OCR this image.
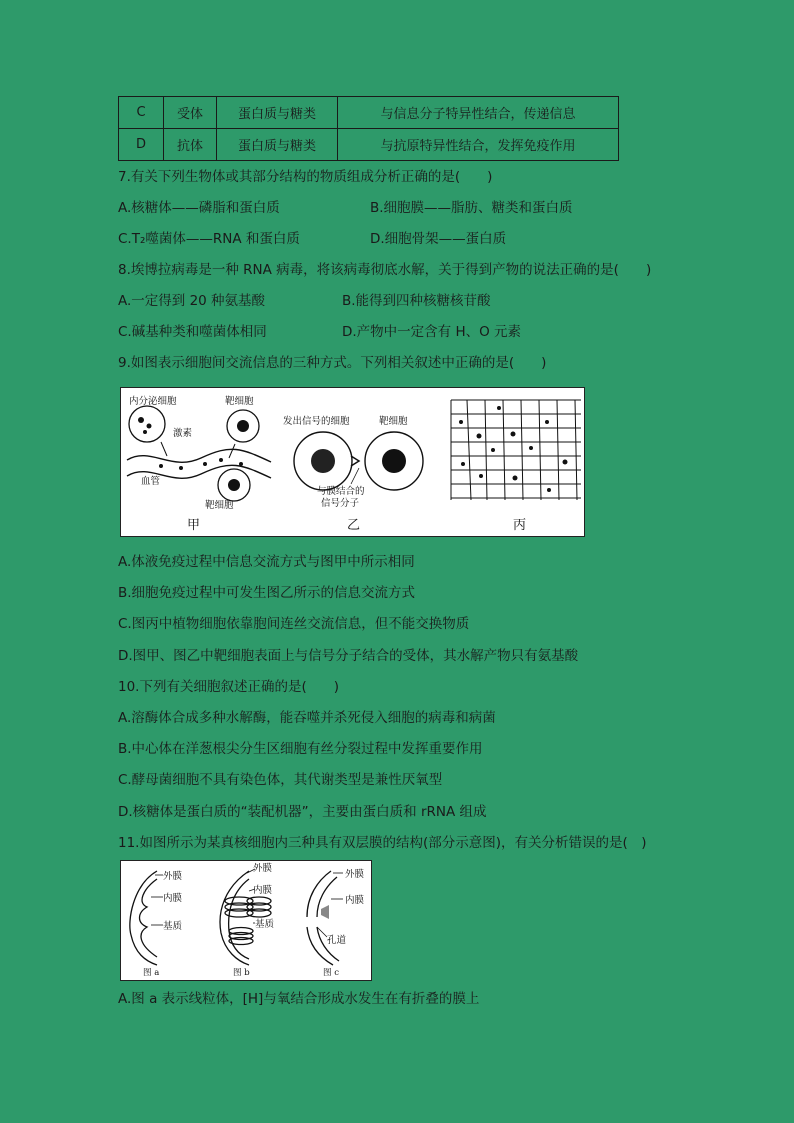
C	受体	蛋白质与糖类	与信息分子特异性结合，传递信息
D	抗体	蛋白质与糖类	与抗原特异性结合，发挥免疫作用
7.有关下列生物体或其部分结构的物质组成分析正确的是(　　)
A.核糖体——磷脂和蛋白质	B.细胞膜——脂肪、糖类和蛋白质
C.T₂噬菌体——RNA 和蛋白质	D.细胞骨架——蛋白质
8.埃博拉病毒是一种 RNA 病毒，将该病毒彻底水解，关于得到产物的说法正确的是(　　)
A.一定得到 20 种氨基酸	B.能得到四种核糖核苷酸
C.碱基种类和噬菌体相同	D.产物中一定含有 H、O 元素
9.如图表示细胞间交流信息的三种方式。下列相关叙述中正确的是(　　)
内分泌细胞	靶细胞
激素
血管
靶细胞
甲
发出信号的细胞	靶细胞
与膜结合的
信号分子
乙	丙
A.体液免疫过程中信息交流方式与图甲中所示相同
B.细胞免疫过程中可发生图乙所示的信息交流方式
C.图丙中植物细胞依靠胞间连丝交流信息，但不能交换物质
D.图甲、图乙中靶细胞表面上与信号分子结合的受体，其水解产物只有氨基酸
10.下列有关细胞叙述正确的是(　　)
A.溶酶体合成多种水解酶，能吞噬并杀死侵入细胞的病毒和病菌
B.中心体在洋葱根尖分生区细胞有丝分裂过程中发挥重要作用
C.酵母菌细胞不具有染色体，其代谢类型是兼性厌氧型
D.核糖体是蛋白质的“装配机器”，主要由蛋白质和 rRNA 组成
11.如图所示为某真核细胞内三种具有双层膜的结构(部分示意图)，有关分析错误的是(　)
外膜
内膜
基质
图 a
外膜
内膜
基质
图 b
外膜
内膜
孔道
图 c
A.图 a 表示线粒体，[H]与氧结合形成水发生在有折叠的膜上
